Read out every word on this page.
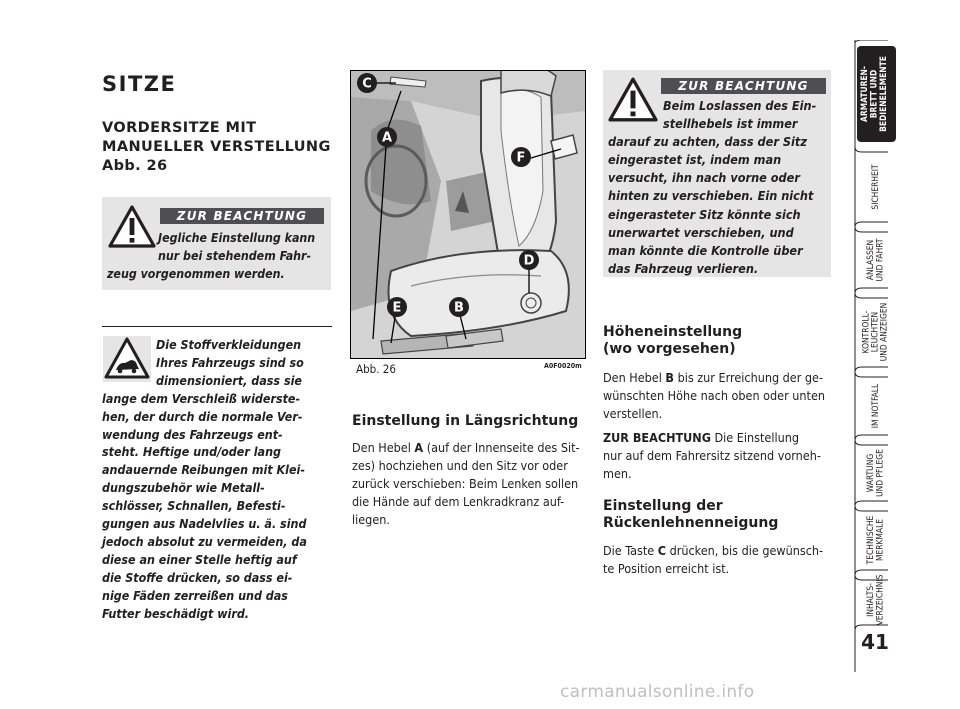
SITZE
VORDERSITZE MIT
MANUELLER VERSTELLUNG
Abb. 26
ZUR BEACHTUNG

Jegliche Einstellung kann
nur bei stehendem Fahr-
zeug vorgenommen werden.

Die Stoffverkleidungen
Ihres Fahrzeugs sind so
dimensioniert, dass sie
lange dem Verschleiß widerste-
hen, der durch die normale Ver-
wendung des Fahrzeugs ent-
steht. Heftige und/oder lang
andauernde Reibungen mit Klei-
dungszubehör wie Metall-
schlösser, Schnallen, Befesti-
gungen aus Nadelvlies u. ä. sind
jedoch absolut zu vermeiden, da
diese an einer Stelle heftig auf
die Stoffe drücken, so dass ei-
nige Fäden zerreißen und das
Futter beschädigt wird.

C
A
F
D
E	B
Abb. 26	A0F0020m
Einstellung in Längsrichtung

Den Hebel A (auf der Innenseite des Sit-
zes) hochziehen und den Sitz vor oder
zurück verschieben: Beim Lenken sollen
die Hände auf dem Lenkradkranz auf-
liegen.

ZUR BEACHTUNG

Beim Loslassen des Ein-
stellhebels ist immer
darauf zu achten, dass der Sitz
eingerastet ist, indem man
versucht, ihn nach vorne oder
hinten zu verschieben. Ein nicht
eingerasteter Sitz könnte sich
unerwartet verschieben, und
man könnte die Kontrolle über
das Fahrzeug verlieren.

Höheneinstellung
(wo vorgesehen)

Den Hebel B bis zur Erreichung der ge-
wünschten Höhe nach oben oder unten
verstellen.

ZUR BEACHTUNG Die Einstellung
nur auf dem Fahrersitz sitzend vorneh-
men.

Einstellung der
Rückenlehnenneigung

Die Taste C drücken, bis die gewünsch-
te Position erreicht ist.

ARMATUREN- BRETT UND BEDIENELEMENTE
SICHERHEIT
ANLASSEN UND FAHRT
KONTROLL- LEUCHTEN UND ANZEIGEN
IM NOTFALL
WARTUNG UND PFLEGE
TECHNISCHE MERKMALE
INHALTS- VERZEICHNIS
41
carmanualsonline.info
